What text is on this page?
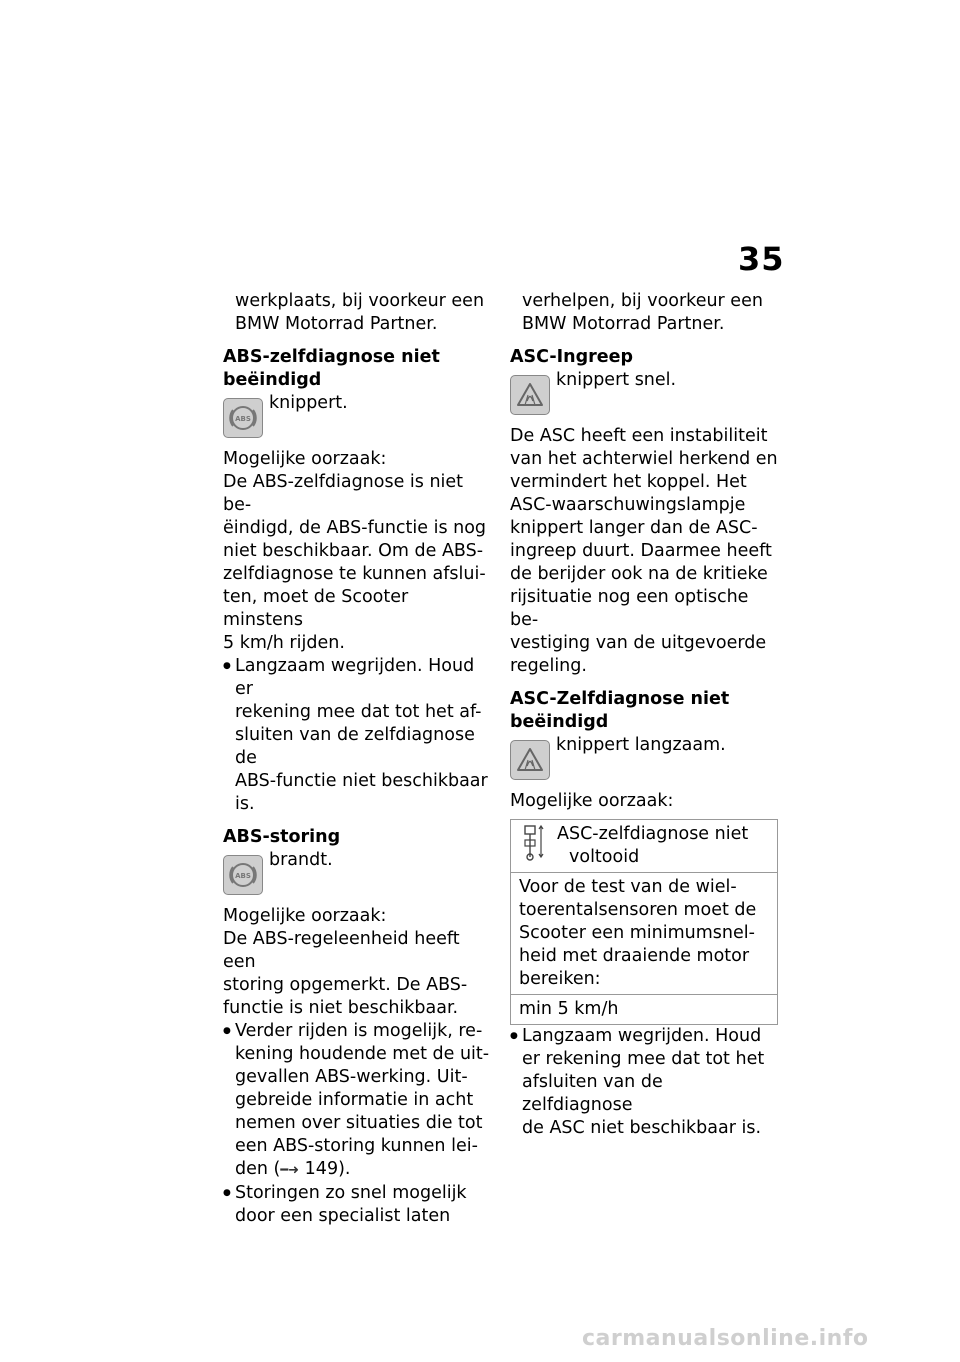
35

werkplaats, bij voorkeur een

BMW Motorrad Partner.

ABS-zelfdiagnose niet
beëindigd
ABS
knippert.

Mogelijke oorzaak:

De ABS-zelfdiagnose is niet be-

ëindigd, de ABS-functie is nog

niet beschikbaar. Om de ABS-

zelfdiagnose te kunnen afslui-

ten, moet de Scooter minstens

5 km/h rijden.

● Langzaam wegrijden. Houd er
rekening mee dat tot het af-
sluiten van de zelfdiagnose de
ABS-functie niet beschikbaar
is.
ABS-storing
ABS
brandt.

Mogelijke oorzaak:

De ABS-regeleenheid heeft een

storing opgemerkt. De ABS-

functie is niet beschikbaar.

● Verder rijden is mogelijk, re-
kening houdende met de uit-
gevallen ABS-werking. Uit-
gebreide informatie in acht
nemen over situaties die tot
een ABS-storing kunnen lei-
den (━➜ 149).
● Storingen zo snel mogelijk
door een specialist laten

verhelpen, bij voorkeur een

BMW Motorrad Partner.

ASC-Ingreep
knippert snel.

De ASC heeft een instabiliteit

van het achterwiel herkend en

vermindert het koppel. Het

ASC-waarschuwingslampje

knippert langer dan de ASC-

ingreep duurt. Daarmee heeft

de berijder ook na de kritieke

rijsituatie nog een optische be-

vestiging van de uitgevoerde

regeling.

ASC-Zelfdiagnose niet
beëindigd
knippert langzaam.

Mogelijke oorzaak:

ASC-zelfdiagnose niet
voltooid

Voor de test van de wiel-
toerentalsensoren moet de
Scooter een minimumsnel-
heid met draaiende motor
bereiken:
min 5 km/h
● Langzaam wegrijden. Houd
er rekening mee dat tot het
afsluiten van de zelfdiagnose
de ASC niet beschikbaar is.
carmanualsonline.info
